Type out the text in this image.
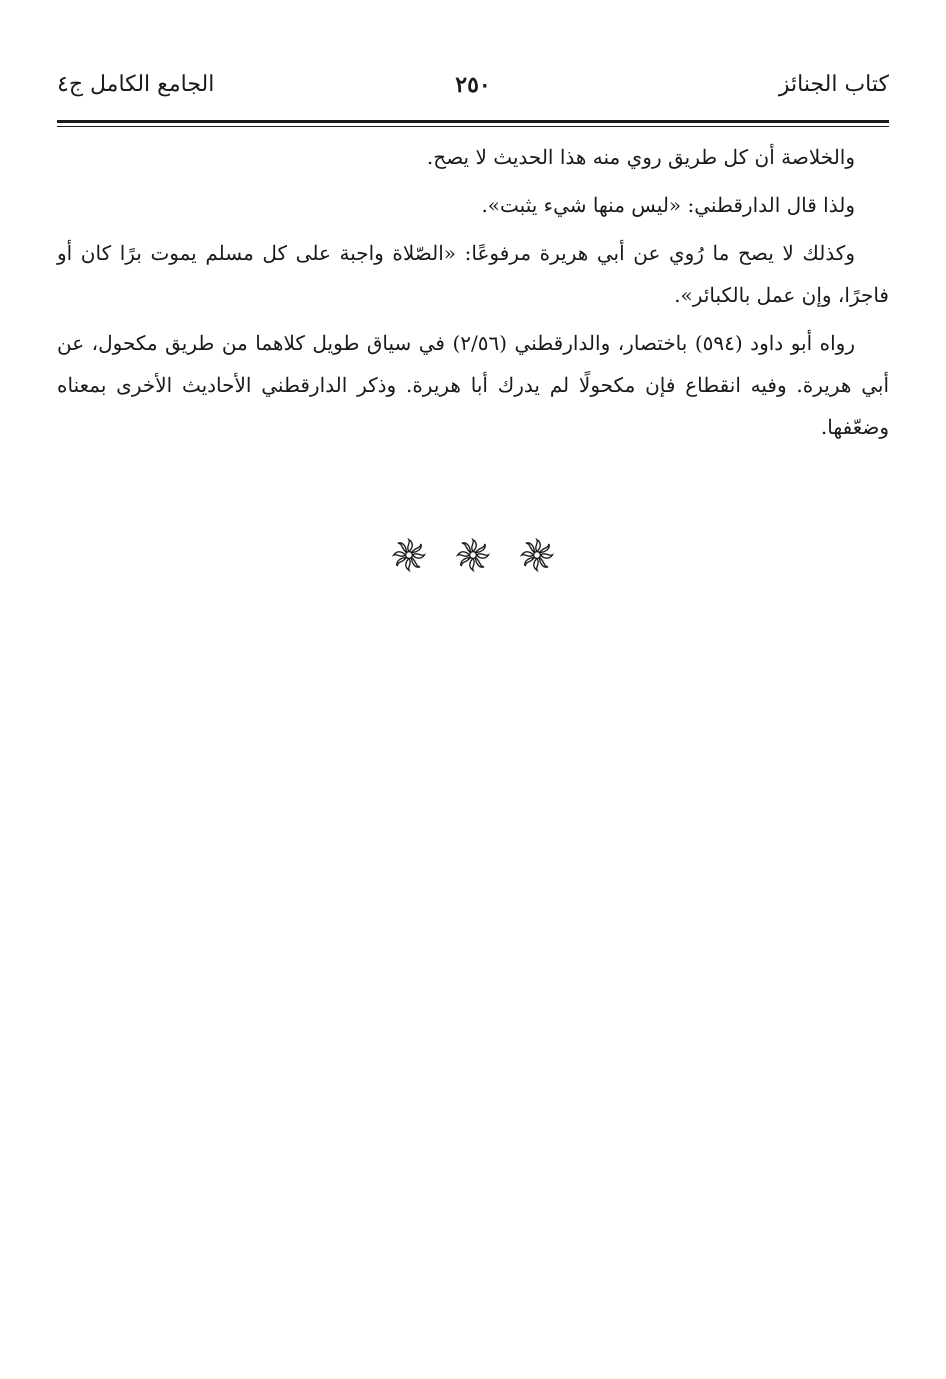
كتاب الجنائز
٢٥٠
الجامع الكامل ج٤

والخلاصة أن كل طريق روي منه هذا الحديث لا يصح.

ولذا قال الدارقطني: «ليس منها شيء يثبت».

وكذلك لا يصح ما رُوي عن أبي هريرة مرفوعًا: «الصّلاة واجبة على كل مسلم يموت برًا كان أو فاجرًا، وإن عمل بالكبائر».

رواه أبو داود (٥٩٤) باختصار، والدارقطني (٢/٥٦) في سياق طويل كلاهما من طريق مكحول، عن أبي هريرة. وفيه انقطاع فإن مكحولًا لم يدرك أبا هريرة. وذكر الدارقطني الأحاديث الأخرى بمعناه وضعّفها.
